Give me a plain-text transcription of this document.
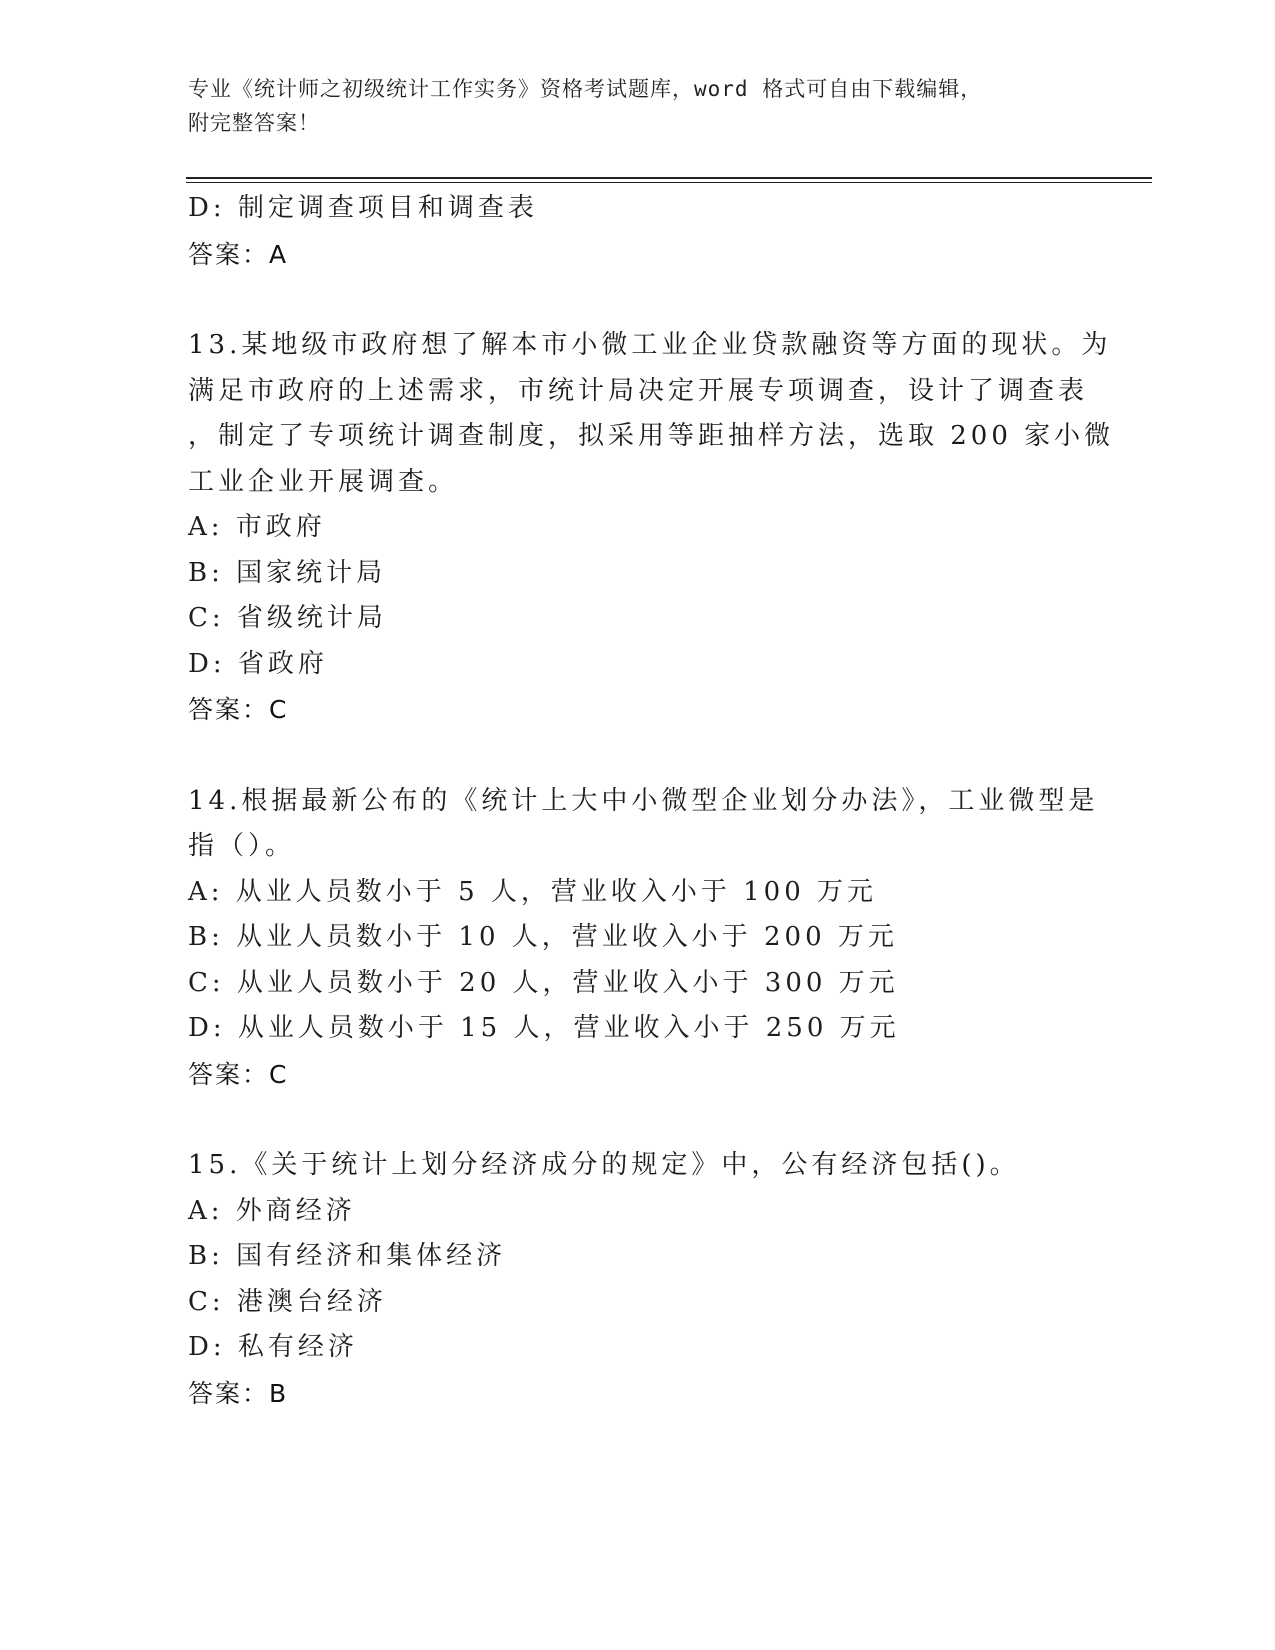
专业《统计师之初级统计工作实务》资格考试题库，word 格式可自由下载编辑，
附完整答案！
D: 制定调查项目和调查表
答案：A
13.某地级市政府想了解本市小微工业企业贷款融资等方面的现状。为
满足市政府的上述需求，市统计局决定开展专项调查，设计了调查表
，制定了专项统计调查制度，拟采用等距抽样方法，选取 200 家小微
工业企业开展调查。
A: 市政府
B: 国家统计局
C: 省级统计局
D: 省政府
答案：C
14.根据最新公布的《统计上大中小微型企业划分办法》，工业微型是
指（）。
A: 从业人员数小于 5 人，营业收入小于 100 万元
B: 从业人员数小于 10 人，营业收入小于 200 万元
C: 从业人员数小于 20 人，营业收入小于 300 万元
D: 从业人员数小于 15 人，营业收入小于 250 万元
答案：C
15.《关于统计上划分经济成分的规定》中，公有经济包括()。
A: 外商经济
B: 国有经济和集体经济
C: 港澳台经济
D: 私有经济
答案：B
